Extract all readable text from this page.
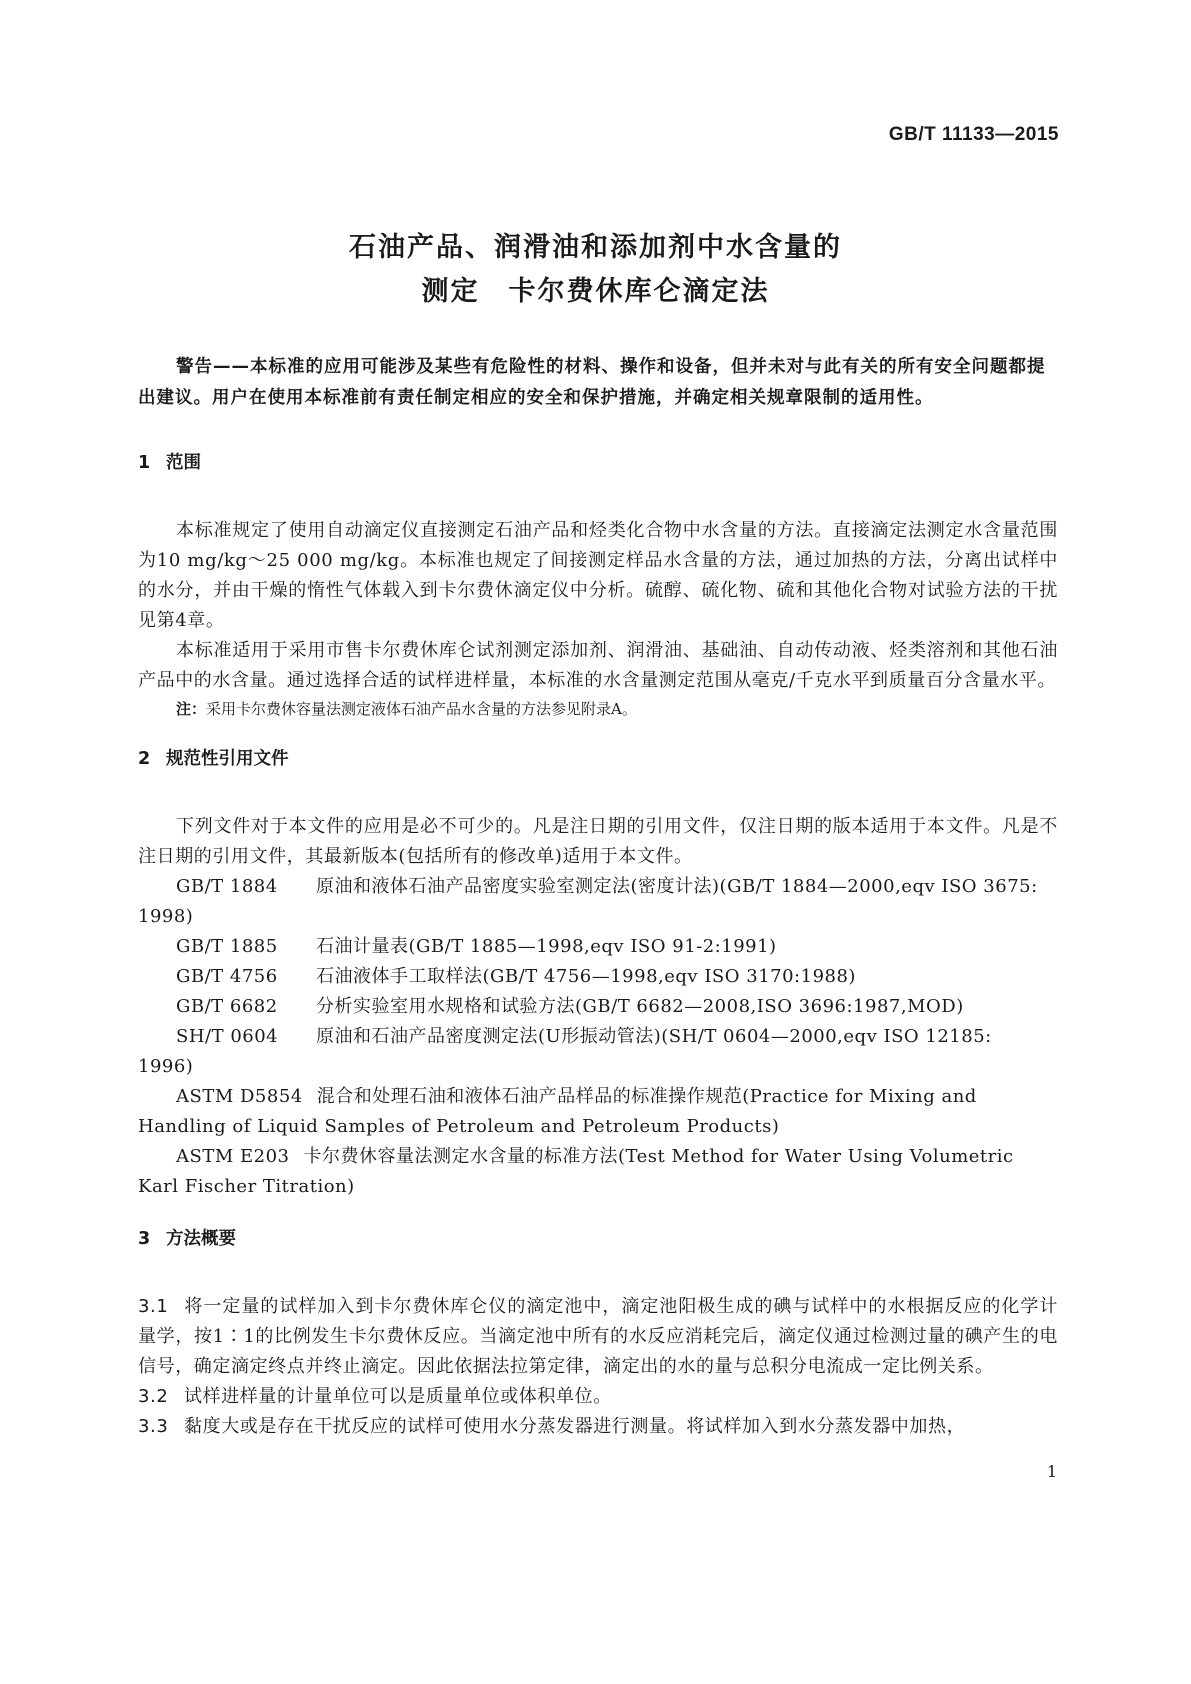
GB/T 11133—2015
石油产品、润滑油和添加剂中水含量的
测定　卡尔费休库仑滴定法

警告——本标准的应用可能涉及某些有危险性的材料、操作和设备，但并未对与此有关的所有安全问题都提出建议。用户在使用本标准前有责任制定相应的安全和保护措施，并确定相关规章限制的适用性。

1 范围

本标准规定了使用自动滴定仪直接测定石油产品和烃类化合物中水含量的方法。直接滴定法测定水含量范围为10 mg/kg～25 000 mg/kg。本标准也规定了间接测定样品水含量的方法，通过加热的方法，分离出试样中的水分，并由干燥的惰性气体载入到卡尔费休滴定仪中分析。硫醇、硫化物、硫和其他化合物对试验方法的干扰见第4章。

本标准适用于采用市售卡尔费休库仑试剂测定添加剂、润滑油、基础油、自动传动液、烃类溶剂和其他石油产品中的水含量。通过选择合适的试样进样量，本标准的水含量测定范围从毫克/千克水平到质量百分含量水平。

注：采用卡尔费休容量法测定液体石油产品水含量的方法参见附录A。

2 规范性引用文件

下列文件对于本文件的应用是必不可少的。凡是注日期的引用文件，仅注日期的版本适用于本文件。凡是不注日期的引用文件，其最新版本(包括所有的修改单)适用于本文件。

GB/T 1884 原油和液体石油产品密度实验室测定法(密度计法)(GB/T 1884—2000,eqv ISO 3675:

1998)

GB/T 1885 石油计量表(GB/T 1885—1998,eqv ISO 91-2:1991)

GB/T 4756 石油液体手工取样法(GB/T 4756—1998,eqv ISO 3170:1988)

GB/T 6682 分析实验室用水规格和试验方法(GB/T 6682—2008,ISO 3696:1987,MOD)

SH/T 0604 原油和石油产品密度测定法(U形振动管法)(SH/T 0604—2000,eqv ISO 12185:

1996)

ASTM D5854 混合和处理石油和液体石油产品样品的标准操作规范(Practice for Mixing and

Handling of Liquid Samples of Petroleum and Petroleum Products)

ASTM E203 卡尔费休容量法测定水含量的标准方法(Test Method for Water Using Volumetric

Karl Fischer Titration)

3 方法概要

3.1 将一定量的试样加入到卡尔费休库仑仪的滴定池中，滴定池阳极生成的碘与试样中的水根据反应的化学计量学，按1∶1的比例发生卡尔费休反应。当滴定池中所有的水反应消耗完后，滴定仪通过检测过量的碘产生的电信号，确定滴定终点并终止滴定。因此依据法拉第定律，滴定出的水的量与总积分电流成一定比例关系。

3.2 试样进样量的计量单位可以是质量单位或体积单位。

3.3 黏度大或是存在干扰反应的试样可使用水分蒸发器进行测量。将试样加入到水分蒸发器中加热，

1
